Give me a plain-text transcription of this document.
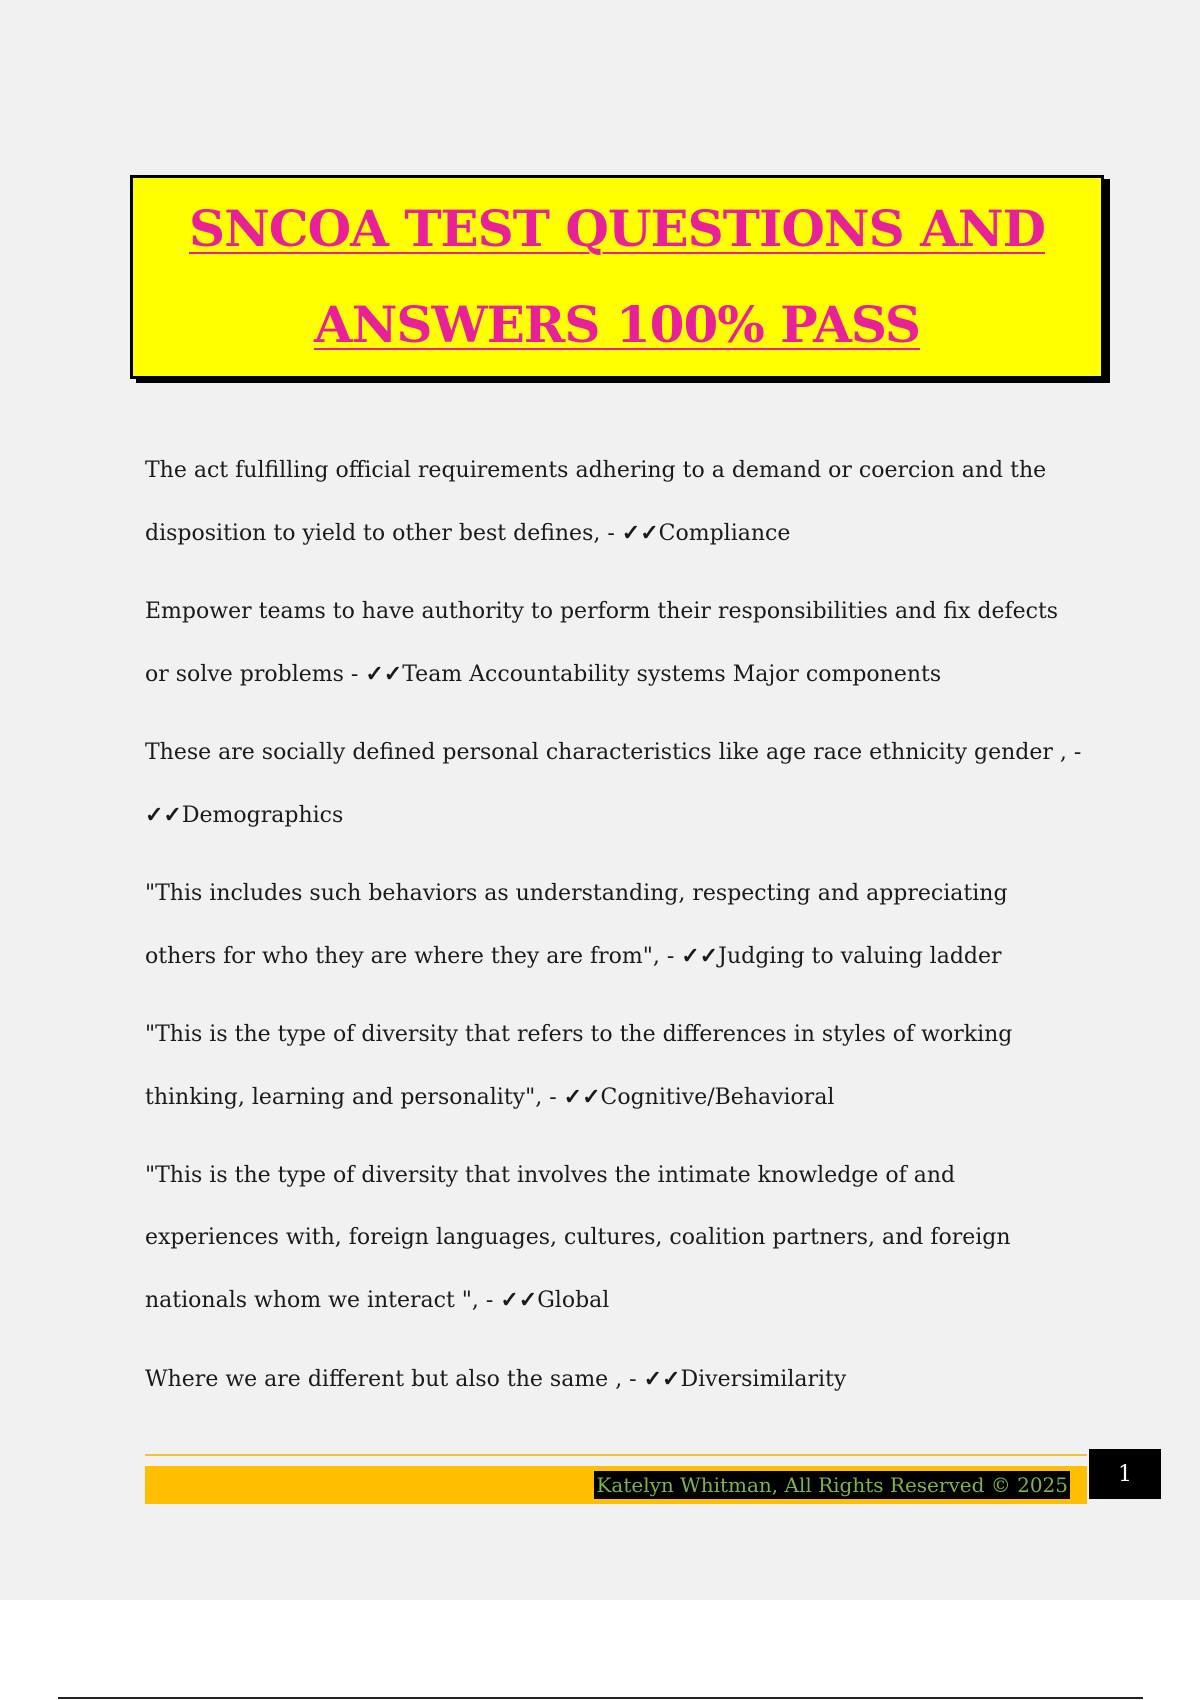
SNCOA TEST QUESTIONS AND
ANSWERS 100% PASS

The act fulfilling official requirements adhering to a demand or coercion and the disposition to yield to other best defines, - ✓✓Compliance

Empower teams to have authority to perform their responsibilities and fix defects or solve problems - ✓✓Team Accountability systems Major components

These are socially defined personal characteristics like age race ethnicity gender , - ✓✓Demographics

"This includes such behaviors as understanding, respecting and appreciating others for who they are where they are from", - ✓✓Judging to valuing ladder

"This is the type of diversity that refers to the differences in styles of working thinking, learning and personality", - ✓✓Cognitive/Behavioral

"This is the type of diversity that involves the intimate knowledge of and experiences with, foreign languages, cultures, coalition partners, and foreign nationals whom we interact ", - ✓✓Global

Where we are different but also the same , - ✓✓Diversimilarity

Katelyn Whitman, All Rights Reserved © 2025	1
